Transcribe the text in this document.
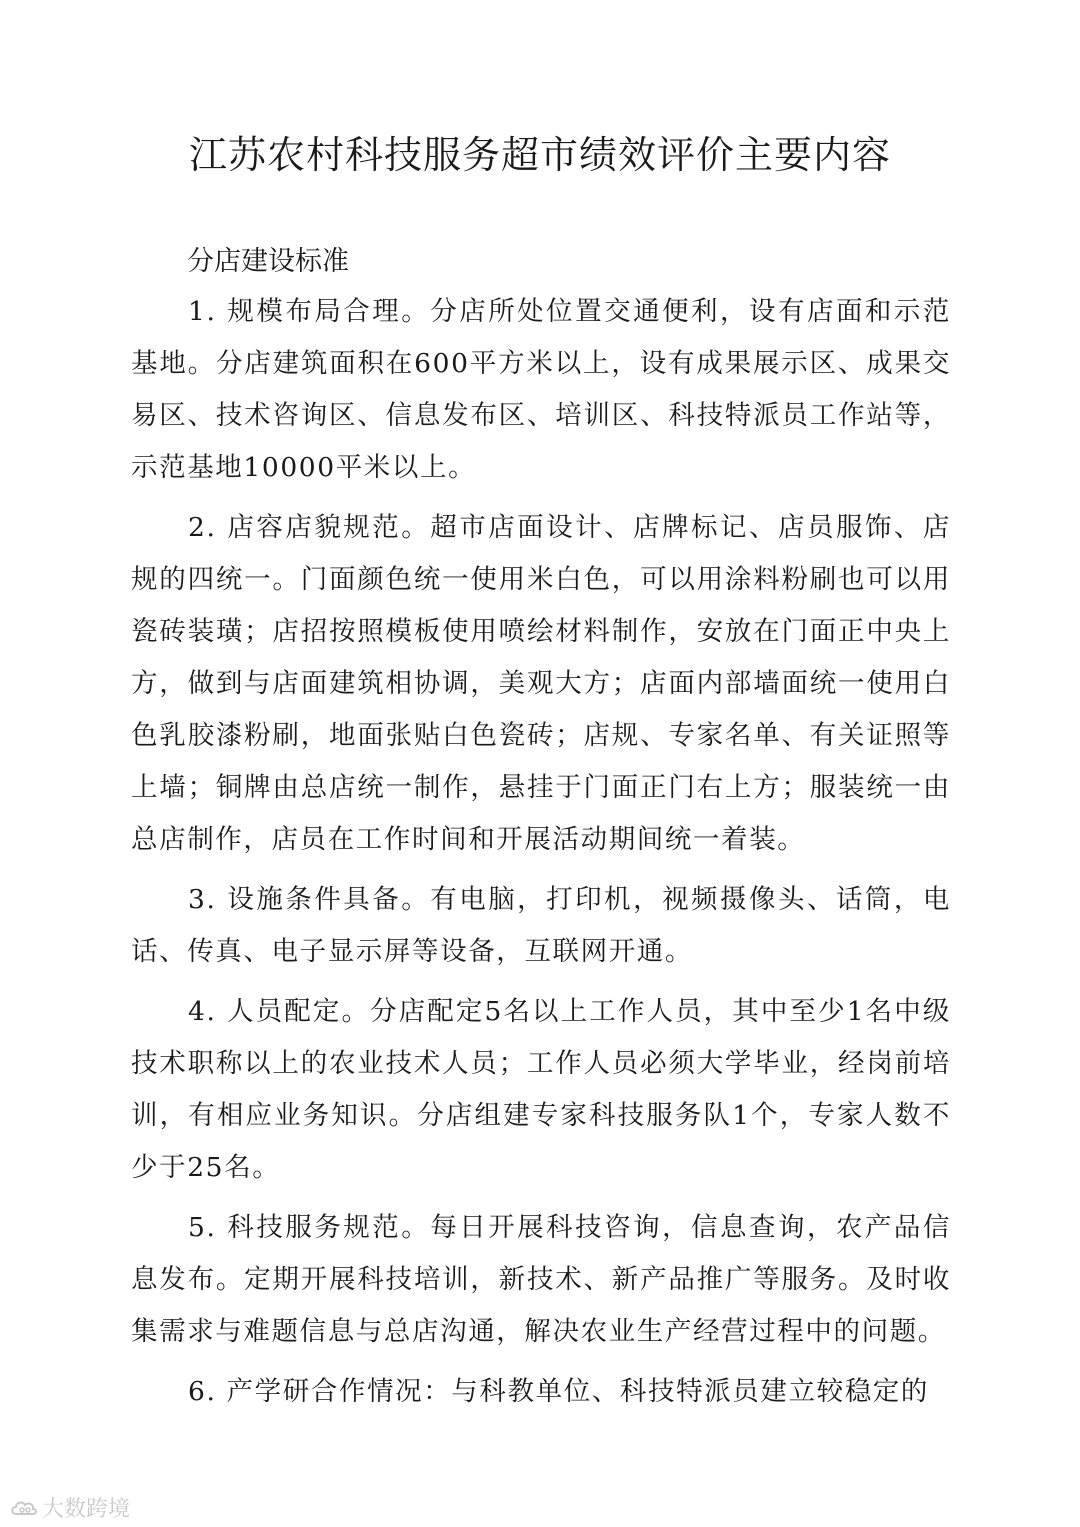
江苏农村科技服务超市绩效评价主要内容
分店建设标准

1. 规模布局合理。分店所处位置交通便利，设有店面和示范基地。分店建筑面积在600平方米以上，设有成果展示区、成果交易区、技术咨询区、信息发布区、培训区、科技特派员工作站等，示范基地10000平米以上。

2. 店容店貌规范。超市店面设计、店牌标记、店员服饰、店规的四统一。门面颜色统一使用米白色，可以用涂料粉刷也可以用瓷砖装璜；店招按照模板使用喷绘材料制作，安放在门面正中央上方，做到与店面建筑相协调，美观大方；店面内部墙面统一使用白色乳胶漆粉刷，地面张贴白色瓷砖；店规、专家名单、有关证照等上墙；铜牌由总店统一制作，悬挂于门面正门右上方；服装统一由总店制作，店员在工作时间和开展活动期间统一着装。

3. 设施条件具备。有电脑，打印机，视频摄像头、话筒，电话、传真、电子显示屏等设备，互联网开通。

4. 人员配定。分店配定5名以上工作人员，其中至少1名中级技术职称以上的农业技术人员；工作人员必须大学毕业，经岗前培训，有相应业务知识。分店组建专家科技服务队1个，专家人数不少于25名。

5. 科技服务规范。每日开展科技咨询，信息查询，农产品信息发布。定期开展科技培训，新技术、新产品推广等服务。及时收集需求与难题信息与总店沟通，解决农业生产经营过程中的问题。

6. 产学研合作情况：与科教单位、科技特派员建立较稳定的

大数跨境
